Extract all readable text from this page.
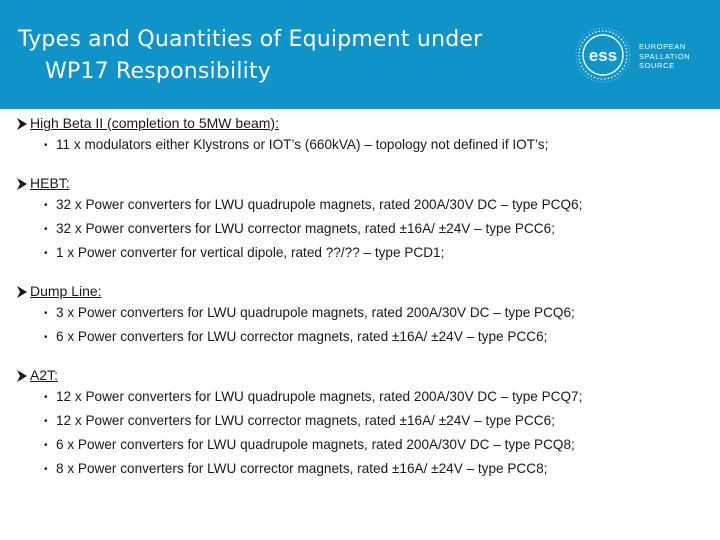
Types and Quantities of Equipment under
WP17 Responsibility
ess	EUROPEAN
SPALLATION
SOURCE
High Beta II (completion to 5MW beam):
• 11 x modulators either Klystrons or IOT’s (660kVA) – topology not defined if IOT’s;
HEBT:
• 32 x Power converters for LWU quadrupole magnets, rated 200A/30V DC – type PCQ6;
• 32 x Power converters for LWU corrector magnets, rated ±16A/ ±24V – type PCC6;
• 1 x Power converter for vertical dipole, rated ??/?? – type PCD1;
Dump Line:
• 3 x Power converters for LWU quadrupole magnets, rated 200A/30V DC – type PCQ6;
• 6 x Power converters for LWU corrector magnets, rated ±16A/ ±24V – type PCC6;
A2T:
• 12 x Power converters for LWU quadrupole magnets, rated 200A/30V DC – type PCQ7;
• 12 x Power converters for LWU corrector magnets, rated ±16A/ ±24V – type PCC6;
• 6 x Power converters for LWU quadrupole magnets, rated 200A/30V DC – type PCQ8;
• 8 x Power converters for LWU corrector magnets, rated ±16A/ ±24V – type PCC8;
